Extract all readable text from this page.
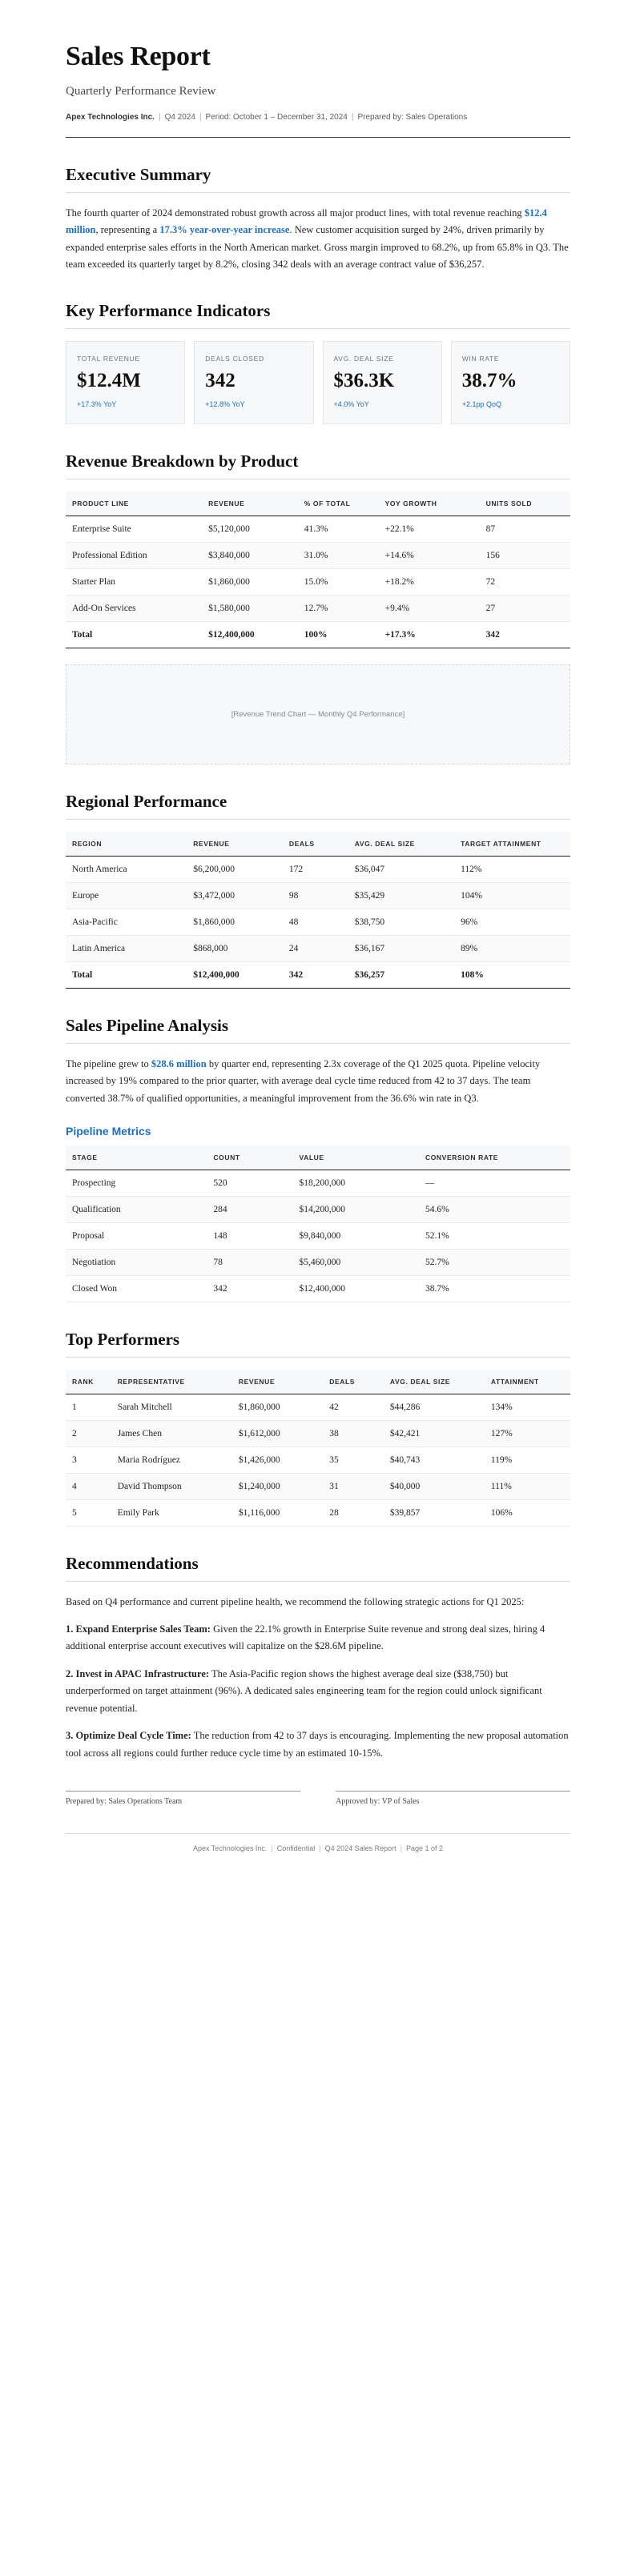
Sales Report

Quarterly Performance Review

Apex Technologies Inc. | Q4 2024 | Period: October 1 – December 31, 2024 | Prepared by: Sales Operations

Executive Summary

The fourth quarter of 2024 demonstrated robust growth across all major product lines, with total revenue reaching $12.4 million, representing a 17.3% year-over-year increase. New customer acquisition surged by 24%, driven primarily by expanded enterprise sales efforts in the North American market. Gross margin improved to 68.2%, up from 65.8% in Q3. The team exceeded its quarterly target by 8.2%, closing 342 deals with an average contract value of $36,257.

Key Performance Indicators
TOTAL REVENUE
$12.4M
+17.3% YoY
DEALS CLOSED
342
+12.8% YoY
AVG. DEAL SIZE
$36.3K
+4.0% YoY
WIN RATE
38.7%
+2.1pp QoQ
Revenue Breakdown by Product
PRODUCT LINE	REVENUE	% OF TOTAL	YOY GROWTH	UNITS SOLD
Enterprise Suite	$5,120,000	41.3%	+22.1%	87
Professional Edition	$3,840,000	31.0%	+14.6%	156
Starter Plan	$1,860,000	15.0%	+18.2%	72
Add-On Services	$1,580,000	12.7%	+9.4%	27
Total	$12,400,000	100%	+17.3%	342
[Revenue Trend Chart — Monthly Q4 Performance]
Regional Performance
REGION	REVENUE	DEALS	AVG. DEAL SIZE	TARGET ATTAINMENT
North America	$6,200,000	172	$36,047	112%
Europe	$3,472,000	98	$35,429	104%
Asia-Pacific	$1,860,000	48	$38,750	96%
Latin America	$868,000	24	$36,167	89%
Total	$12,400,000	342	$36,257	108%
Sales Pipeline Analysis

The pipeline grew to $28.6 million by quarter end, representing 2.3x coverage of the Q1 2025 quota. Pipeline velocity increased by 19% compared to the prior quarter, with average deal cycle time reduced from 42 to 37 days. The team converted 38.7% of qualified opportunities, a meaningful improvement from the 36.6% win rate in Q3.

Pipeline Metrics
STAGE	COUNT	VALUE	CONVERSION RATE
Prospecting	520	$18,200,000	—
Qualification	284	$14,200,000	54.6%
Proposal	148	$9,840,000	52.1%
Negotiation	78	$5,460,000	52.7%
Closed Won	342	$12,400,000	38.7%
Top Performers
RANK	REPRESENTATIVE	REVENUE	DEALS	AVG. DEAL SIZE	ATTAINMENT
1	Sarah Mitchell	$1,860,000	42	$44,286	134%
2	James Chen	$1,612,000	38	$42,421	127%
3	Maria Rodríguez	$1,426,000	35	$40,743	119%
4	David Thompson	$1,240,000	31	$40,000	111%
5	Emily Park	$1,116,000	28	$39,857	106%
Recommendations

Based on Q4 performance and current pipeline health, we recommend the following strategic actions for Q1 2025:

1. Expand Enterprise Sales Team: Given the 22.1% growth in Enterprise Suite revenue and strong deal sizes, hiring 4 additional enterprise account executives will capitalize on the $28.6M pipeline.

2. Invest in APAC Infrastructure: The Asia-Pacific region shows the highest average deal size ($38,750) but underperformed on target attainment (96%). A dedicated sales engineering team for the region could unlock significant revenue potential.

3. Optimize Deal Cycle Time: The reduction from 42 to 37 days is encouraging. Implementing the new proposal automation tool across all regions could further reduce cycle time by an estimated 10-15%.

Prepared by: Sales Operations Team	Approved by: VP of Sales
Apex Technologies Inc. | Confidential | Q4 2024 Sales Report | Page 1 of 2
